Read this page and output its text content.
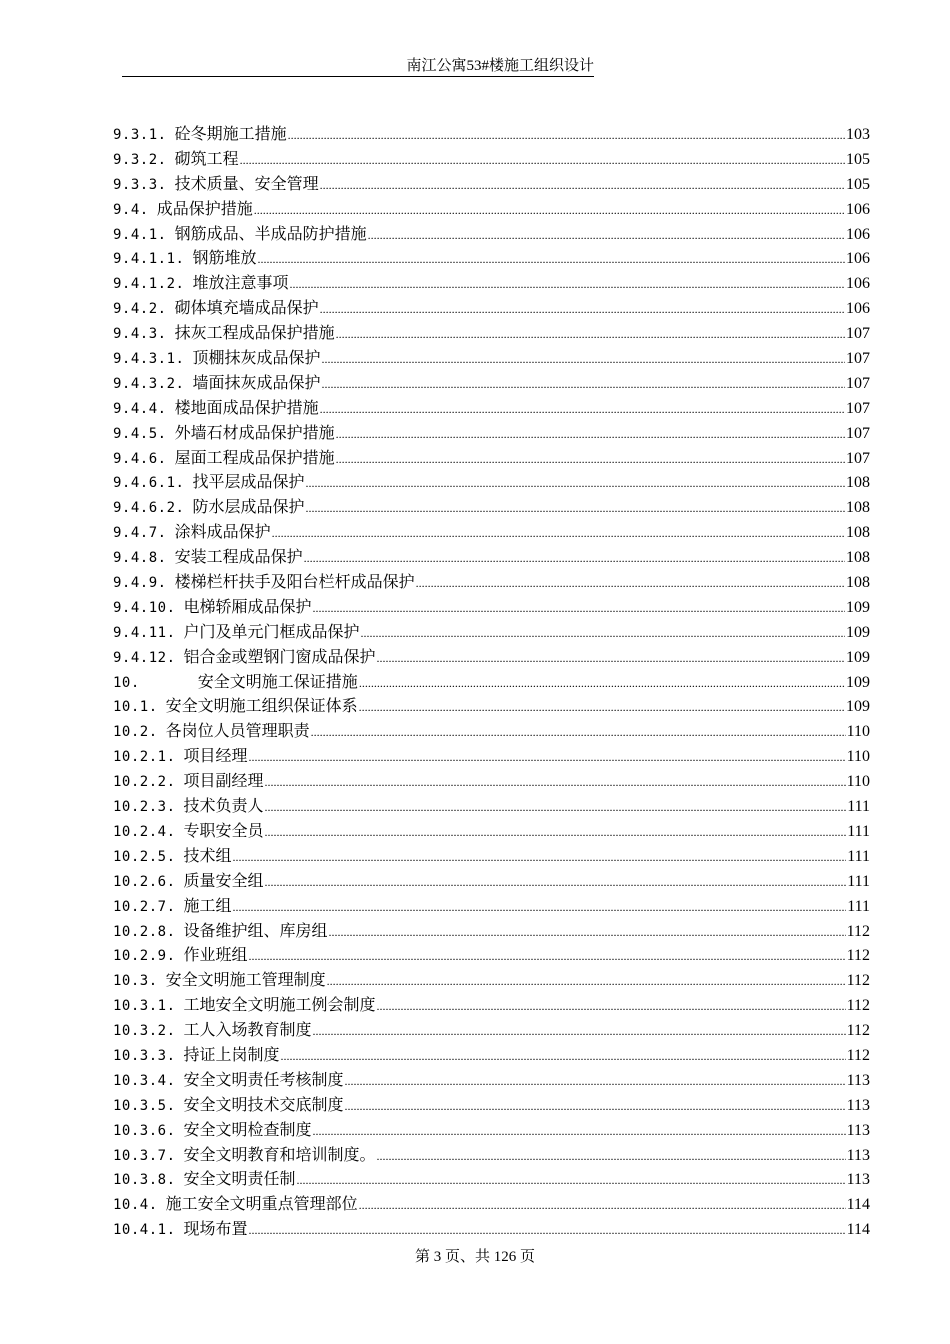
南江公寓53#楼施工组织设计
9.3.1. 砼冬期施工措施 .....	103
9.3.2. 砌筑工程 .....	105
9.3.3. 技术质量、安全管理 .....	105
9.4. 成品保护措施 .....	106
9.4.1. 钢筋成品、半成品防护措施 .....	106
9.4.1.1. 钢筋堆放 .....	106
9.4.1.2. 堆放注意事项 .....	106
9.4.2. 砌体填充墙成品保护 .....	106
9.4.3. 抹灰工程成品保护措施 .....	107
9.4.3.1. 顶棚抹灰成品保护 .....	107
9.4.3.2. 墙面抹灰成品保护 .....	107
9.4.4. 楼地面成品保护措施 .....	107
9.4.5. 外墙石材成品保护措施 .....	107
9.4.6. 屋面工程成品保护措施 .....	107
9.4.6.1. 找平层成品保护 .....	108
9.4.6.2. 防水层成品保护 .....	108
9.4.7. 涂料成品保护 .....	108
9.4.8. 安装工程成品保护 .....	108
9.4.9. 楼梯栏杆扶手及阳台栏杆成品保护 .....	108
9.4.10. 电梯轿厢成品保护 .....	109
9.4.11. 户门及单元门框成品保护 .....	109
9.4.12. 铝合金或塑钢门窗成品保护 .....	109
10.	安全文明施工保证措施 .....	109
10.1. 安全文明施工组织保证体系 .....	109
10.2. 各岗位人员管理职责 .....	110
10.2.1. 项目经理 .....	110
10.2.2. 项目副经理 .....	110
10.2.3. 技术负责人 .....	111
10.2.4. 专职安全员 .....	111
10.2.5. 技术组 .....	111
10.2.6. 质量安全组 .....	111
10.2.7. 施工组 .....	111
10.2.8. 设备维护组、库房组 .....	112
10.2.9. 作业班组 .....	112
10.3. 安全文明施工管理制度 .....	112
10.3.1. 工地安全文明施工例会制度 .....	112
10.3.2. 工人入场教育制度 .....	112
10.3.3. 持证上岗制度 .....	112
10.3.4. 安全文明责任考核制度 .....	113
10.3.5. 安全文明技术交底制度 .....	113
10.3.6. 安全文明检查制度 .....	113
10.3.7. 安全文明教育和培训制度。 .....	113
10.3.8. 安全文明责任制 .....	113
10.4. 施工安全文明重点管理部位 .....	114
10.4.1. 现场布置 .....	114
第 3 页、共 126 页
